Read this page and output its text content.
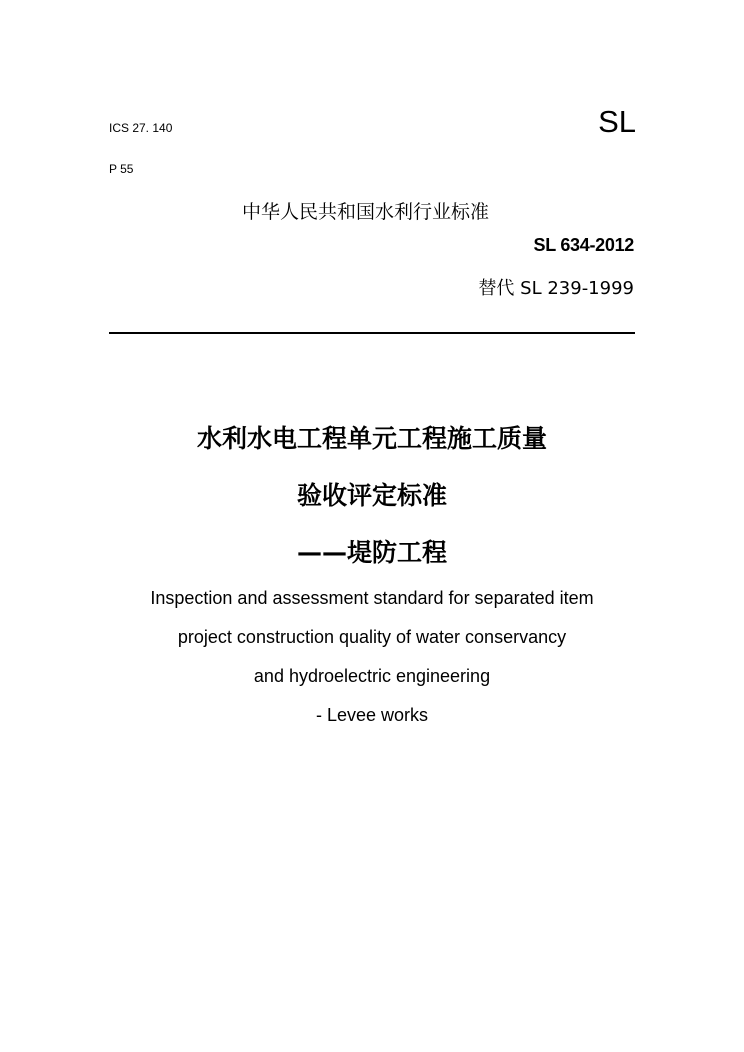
ICS 27. 140
P 55
SL
中华人民共和国水利行业标准
SL 634-2012
替代 SL 239-1999
水利水电工程单元工程施工质量
验收评定标准
——堤防工程
Inspection and assessment standard for separated item
project construction quality of water conservancy
and hydroelectric engineering
- Levee works
